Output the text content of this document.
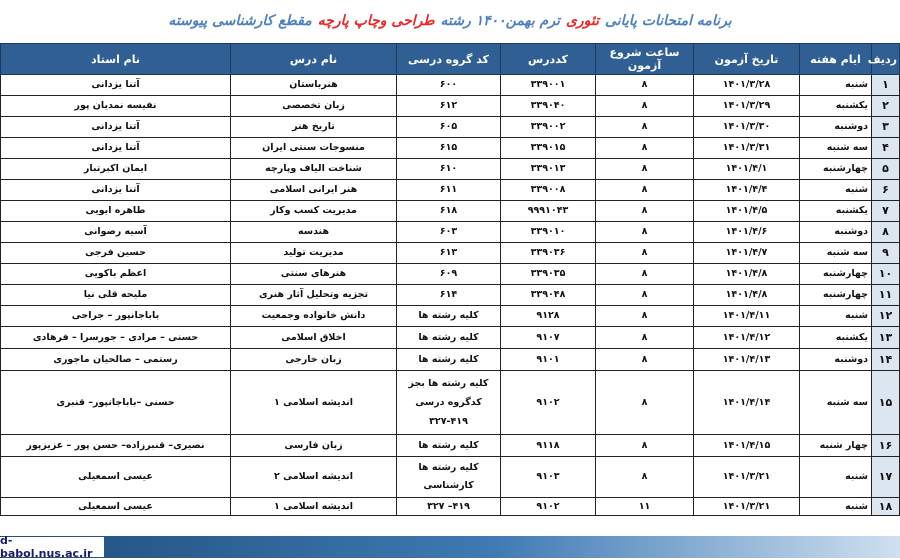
برنامه امتحانات پایانی
تئوری
ترم بهمن۱۴۰۰ رشته
طراحی وچاپ پارچه
مقطع کارشناسی پیوسته
ردیف	ایام هفته	تاریخ آزمون	ساعت شروع آزمون	کددرس	کد گروه درسی	نام درس	نام استاد
۱	شنبه	۱۴۰۱/۳/۲۸	۸	۳۳۹۰۰۱	۶۰۰	هنرباستان	آتنا یزدانی
۲	یکشنبه	۱۴۰۱/۳/۲۹	۸	۳۳۹۰۴۰	۶۱۲	زبان تخصصی	نفیسه نمدیان پور
۳	دوشنبه	۱۴۰۱/۳/۳۰	۸	۳۳۹۰۰۲	۶۰۵	تاریخ هنر	آتنا یزدانی
۴	سه شنبه	۱۴۰۱/۳/۳۱	۸	۳۳۹۰۱۵	۶۱۵	منسوجات سنتی ایران	آتنا یزدانی
۵	چهارشنبه	۱۴۰۱/۴/۱	۸	۳۳۹۰۱۳	۶۱۰	شناخت الیاف وپارچه	ایمان اکبرتبار
۶	شنبه	۱۴۰۱/۴/۴	۸	۳۳۹۰۰۸	۶۱۱	هنر ایرانی اسلامی	آتنا یزدانی
۷	یکشنبه	۱۴۰۱/۴/۵	۸	۹۹۹۱۰۴۳	۶۱۸	مدیریت کسب وکار	طاهره ابویی
۸	دوشنبه	۱۴۰۱/۴/۶	۸	۳۳۹۰۱۰	۶۰۳	هندسه	آسیه رضوانی
۹	سه شنبه	۱۴۰۱/۴/۷	۸	۳۳۹۰۳۶	۶۱۳	مدیریت تولید	حسین فرجی
۱۰	چهارشنبه	۱۴۰۱/۴/۸	۸	۳۳۹۰۳۵	۶۰۹	هنرهای سنتی	اعظم باکویی
۱۱	چهارشنبه	۱۴۰۱/۴/۸	۸	۳۳۹۰۴۸	۶۱۴	تجزیه وتحلیل آثار هنری	ملیحه قلی نیا
۱۲	شنبه	۱۴۰۱/۴/۱۱	۸	۹۱۲۸	کلیه رشته ها	دانش خانواده وجمعیت	باباجانپور – جراحی
۱۳	یکشنبه	۱۴۰۱/۴/۱۲	۸	۹۱۰۷	کلیه رشته ها	اخلاق اسلامی	حسنی – مرادی – جورسرا – فرهادی
۱۴	دوشنبه	۱۴۰۱/۴/۱۳	۸	۹۱۰۱	کلیه رشته ها	زبان خارجی	رستمی – صالحیان ماجوری
۱۵	سه شنبه	۱۴۰۱/۴/۱۴	۸	۹۱۰۲	کلیه رشته ها بجز کدگروه درسی ۴۱۹-۳۲۷	اندیشه اسلامی ۱	حسنی –باباجانپور– قنبری
۱۶	چهار شنبه	۱۴۰۱/۴/۱۵	۸	۹۱۱۸	کلیه رشته ها	زبان فارسی	نصیری– قنبرزاده– حسن پور – عزیزپور
۱۷	شنبه	۱۴۰۱/۳/۲۱	۸	۹۱۰۳	کلیه رشته ها کارشناسی	اندیشه اسلامی ۲	عیسی اسمعیلی
۱۸	شنبه	۱۴۰۱/۳/۲۱	۱۱	۹۱۰۲	۴۱۹– ۳۲۷	اندیشه اسلامی ۱	عیسی اسمعیلی
d-babol.nus.ac.ir
